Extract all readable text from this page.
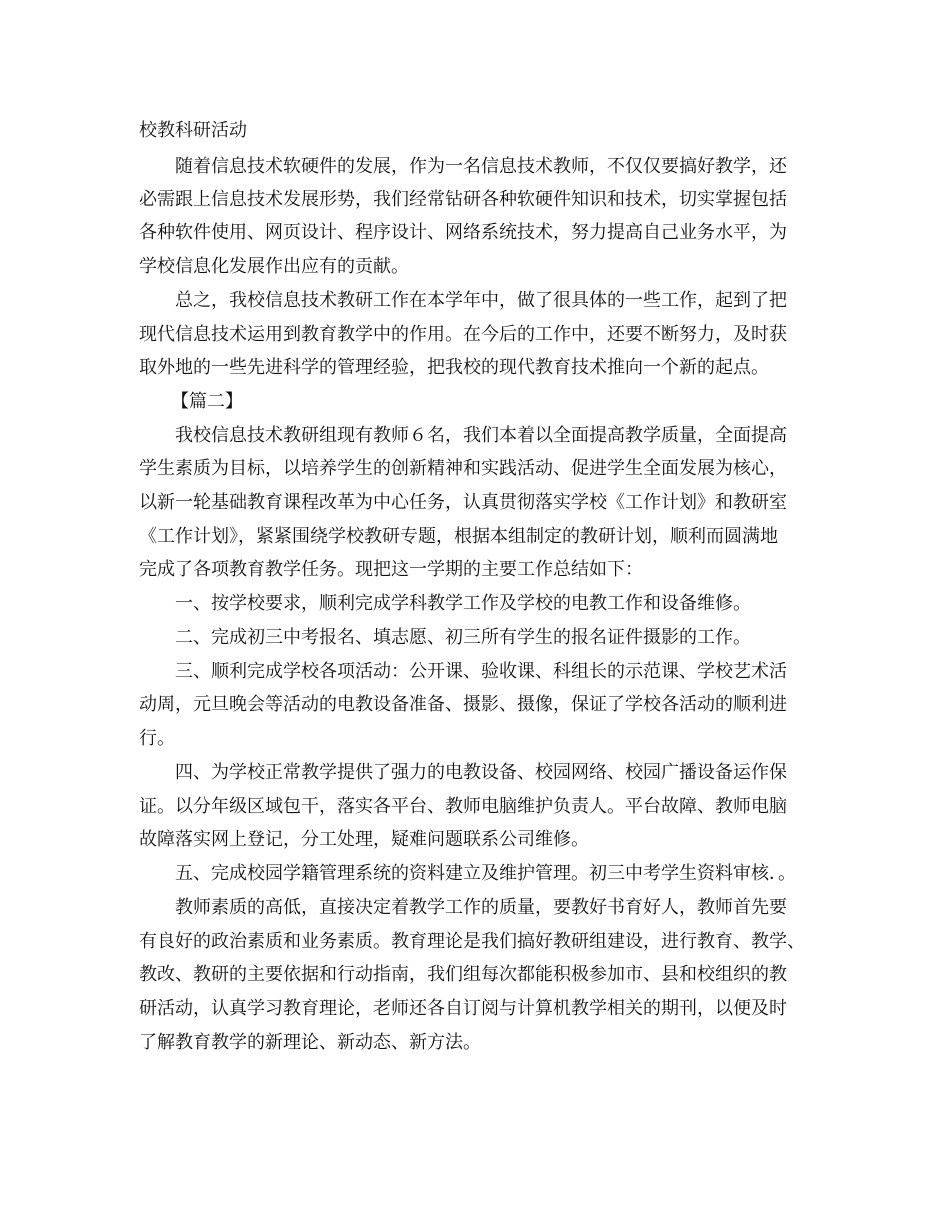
校教科研活动

随着信息技术软硬件的发展，作为一名信息技术教师，不仅仅要搞好教学，还

必需跟上信息技术发展形势，我们经常钻研各种软硬件知识和技术，切实掌握包括

各种软件使用、网页设计、程序设计、网络系统技术，努力提高自己业务水平，为

学校信息化发展作出应有的贡献。

总之，我校信息技术教研工作在本学年中，做了很具体的一些工作，起到了把

现代信息技术运用到教育教学中的作用。在今后的工作中，还要不断努力，及时获

取外地的一些先进科学的管理经验，把我校的现代教育技术推向一个新的起点。

【篇二】

我校信息技术教研组现有教师６名，我们本着以全面提高教学质量，全面提高

学生素质为目标，以培养学生的创新精神和实践活动、促进学生全面发展为核心，

以新一轮基础教育课程改革为中心任务，认真贯彻落实学校《工作计划》和教研室

《工作计划》，紧紧围绕学校教研专题，根据本组制定的教研计划，顺利而圆满地

完成了各项教育教学任务。现把这一学期的主要工作总结如下：

一、按学校要求，顺利完成学科教学工作及学校的电教工作和设备维修。

二、完成初三中考报名、填志愿、初三所有学生的报名证件摄影的工作。

三、顺利完成学校各项活动：公开课、验收课、科组长的示范课、学校艺术活

动周，元旦晚会等活动的电教设备准备、摄影、摄像，保证了学校各活动的顺利进

行。

四、为学校正常教学提供了强力的电教设备、校园网络、校园广播设备运作保

证。以分年级区域包干，落实各平台、教师电脑维护负责人。平台故障、教师电脑

故障落实网上登记，分工处理，疑难问题联系公司维修。

五、完成校园学籍管理系统的资料建立及维护管理。初三中考学生资料审核．。

教师素质的高低，直接决定着教学工作的质量，要教好书育好人，教师首先要

有良好的政治素质和业务素质。教育理论是我们搞好教研组建设，进行教育、教学、

教改、教研的主要依据和行动指南，我们组每次都能积极参加市、县和校组织的教

研活动，认真学习教育理论，老师还各自订阅与计算机教学相关的期刊，以便及时

了解教育教学的新理论、新动态、新方法。
